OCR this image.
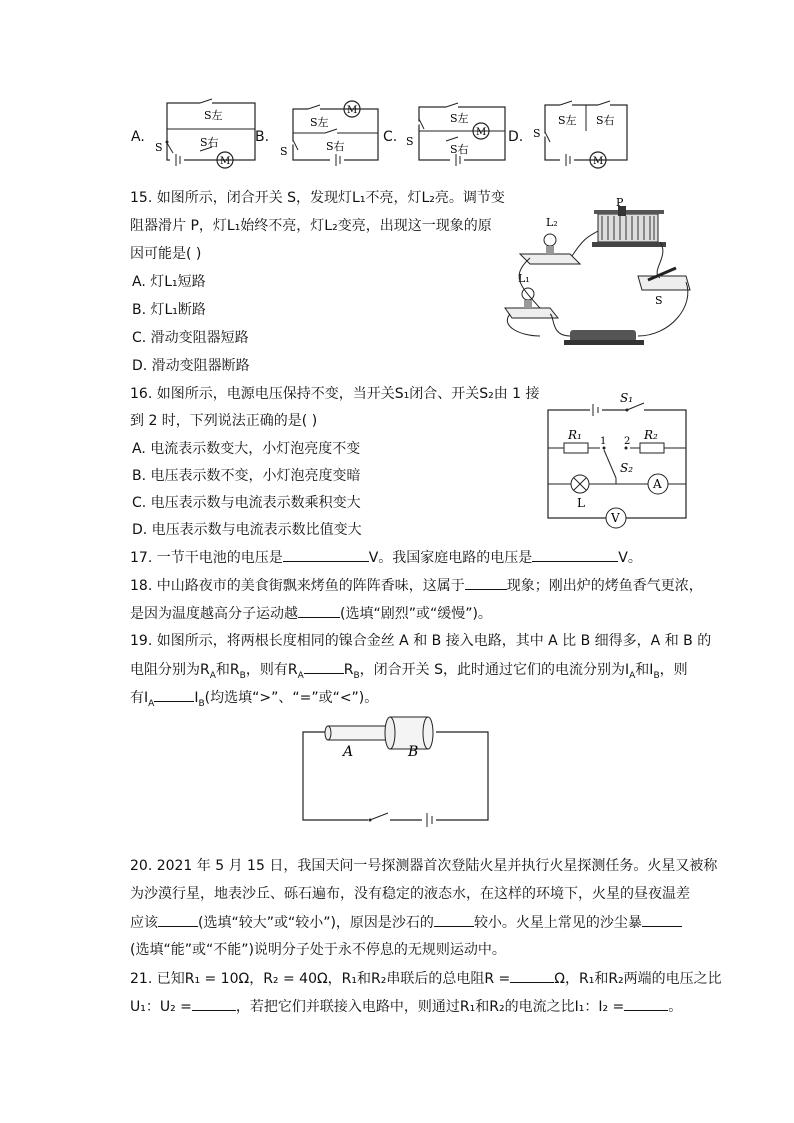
A.	B.	C.	D.
M
S左
S右
S
M
S左
S右
S
M
S左
S右
S
M
S左 S右
S
15. 如图所示，闭合开关 S，发现灯L₁不亮，灯L₂亮。调节变
阻器滑片 P，灯L₁始终不亮，灯L₂变亮，出现这一现象的原
因可能是( )
A. 灯L₁短路
B. 灯L₁断路
C. 滑动变阻器短路
D. 滑动变阻器断路
P
L₂
L₁
S
16. 如图所示，电源电压保持不变，当开关S₁闭合、开关S₂由 1 接
到 2 时，下列说法正确的是( )
A. 电流表示数变大，小灯泡亮度不变
B. 电压表示数不变，小灯泡亮度变暗
C. 电压表示数与电流表示数乘积变大
D. 电压表示数与电流表示数比值变大
S₁
R₁	R₂
1 2
S₂
L
A
V
17. 一节干电池的电压是	V。我国家庭电路的电压是	V。
18. 中山路夜市的美食街飘来烤鱼的阵阵香味，这属于	现象；刚出炉的烤鱼香气更浓，
是因为温度越高分子运动越	(选填“剧烈”或“缓慢”)。
19. 如图所示，将两根长度相同的镍合金丝 A 和 B 接入电路，其中 A 比 B 细得多，A 和 B 的
电阻分别为$R_A$和$R_B$，则有$R_A$	$R_B$，闭合开关 S，此时通过它们的电流分别为$I_A$和$I_B$，则
有$I_A$	$I_B$(均选填“>”、“=”或“<”)。
A	B
20. 2021 年 5 月 15 日，我国天问一号探测器首次登陆火星并执行火星探测任务。火星又被称
为沙漠行星，地表沙丘、砾石遍布，没有稳定的液态水，在这样的环境下，火星的昼夜温差
应该	(选填“较大”或“较小”)，原因是沙石的	较小。火星上常见的沙尘暴
(选填“能”或“不能”)说明分子处于永不停息的无规则运动中。
21. 已知R₁ = 10Ω，R₂ = 40Ω，R₁和R₂串联后的总电阻R =	Ω，R₁和R₂两端的电压之比
U₁：U₂ =	，若把它们并联接入电路中，则通过R₁和R₂的电流之比I₁：I₂ =	。
